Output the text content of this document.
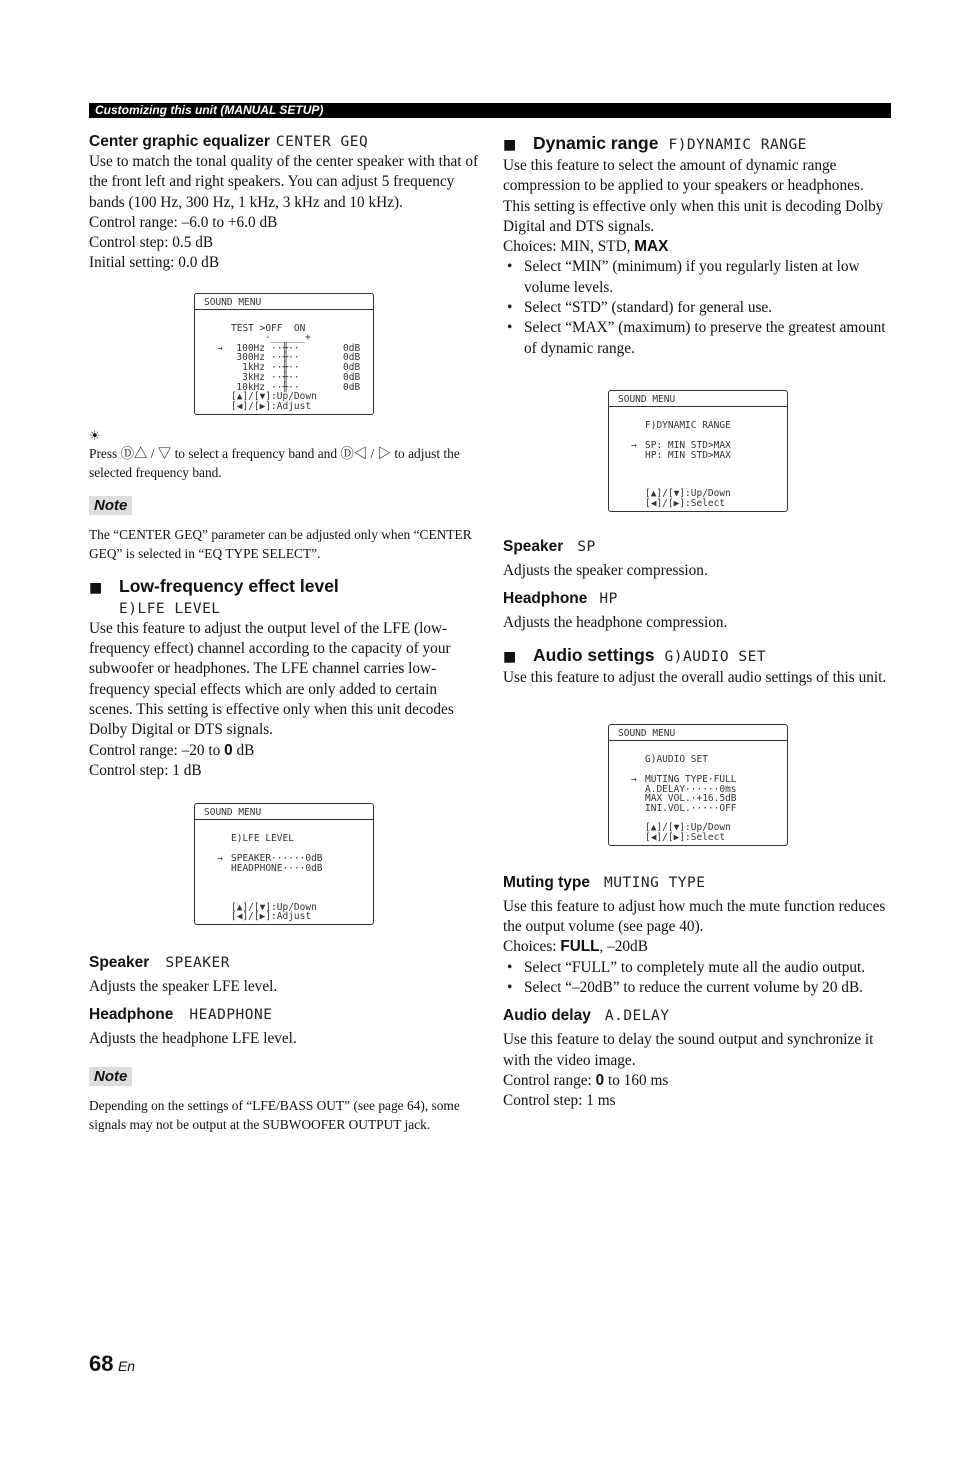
Customizing this unit (MANUAL SETUP)
Center graphic equalizer CENTER GEQ

Use to match the tonal quality of the center speaker with that of the front left and right speakers. You can adjust 5 frequency bands (100 Hz, 300 Hz, 1 kHz, 3 kHz and 10 kHz).

Control range: –6.0 to +6.0 dB

Control step: 0.5 dB

Initial setting: 0.0 dB

SOUND MENU
TEST >OFF  ON
-______+
→	100Hz ··╫··	0dB
300Hz ··╫··	0dB
1kHz ··╫··	0dB
3kHz ··╫··	0dB
10kHz ··╫··	0dB
[▲]/[▼]:Up/Down
[◀]/[▶]:Adjust
☀

Press Ⓓ△ / ▽ to select a frequency band and Ⓓ◁ / ▷ to adjust the selected frequency band.

Note

The “CENTER GEQ” parameter can be adjusted only when “CENTER GEQ” is selected in “EQ TYPE SELECT”.

■ Low-frequency effect level
E)LFE LEVEL

Use this feature to adjust the output level of the LFE (low-frequency effect) channel according to the capacity of your subwoofer or headphones. The LFE channel carries low-frequency special effects which are only added to certain scenes. This setting is effective only when this unit decodes Dolby Digital or DTS signals.

Control range: –20 to 0 dB

Control step: 1 dB

SOUND MENU
E)LFE LEVEL
→ SPEAKER······0dB
HEADPHONE····0dB
[▲]/[▼]:Up/Down
[◀]/[▶]:Adjust
Speaker SPEAKER

Adjusts the speaker LFE level.

Headphone HEADPHONE

Adjusts the headphone LFE level.

Note

Depending on the settings of “LFE/BASS OUT” (see page 64), some signals may not be output at the SUBWOOFER OUTPUT jack.

■ Dynamic range F)DYNAMIC RANGE

Use this feature to select the amount of dynamic range compression to be applied to your speakers or headphones. This setting is effective only when this unit is decoding Dolby Digital and DTS signals.

Choices: MIN, STD, MAX

• Select “MIN” (minimum) if you regularly listen at low volume levels.
• Select “STD” (standard) for general use.
• Select “MAX” (maximum) to preserve the greatest amount of dynamic range.
SOUND MENU
F)DYNAMIC RANGE
→ SP: MIN STD>MAX
HP: MIN STD>MAX
[▲]/[▼]:Up/Down
[◀]/[▶]:Select
Speaker SP

Adjusts the speaker compression.

Headphone HP

Adjusts the headphone compression.

■ Audio settings G)AUDIO SET

Use this feature to adjust the overall audio settings of this unit.

SOUND MENU
G)AUDIO SET
→ MUTING TYPE·FULL
A.DELAY······0ms
MAX VOL.·+16.5dB
INI.VOL.·····OFF
[▲]/[▼]:Up/Down
[◀]/[▶]:Select
Muting type MUTING TYPE

Use this feature to adjust how much the mute function reduces the output volume (see page 40).

Choices: FULL, –20dB

• Select “FULL” to completely mute all the audio output.
• Select “–20dB” to reduce the current volume by 20 dB.
Audio delay A.DELAY

Use this feature to delay the sound output and synchronize it with the video image.

Control range: 0 to 160 ms

Control step: 1 ms

68 En
